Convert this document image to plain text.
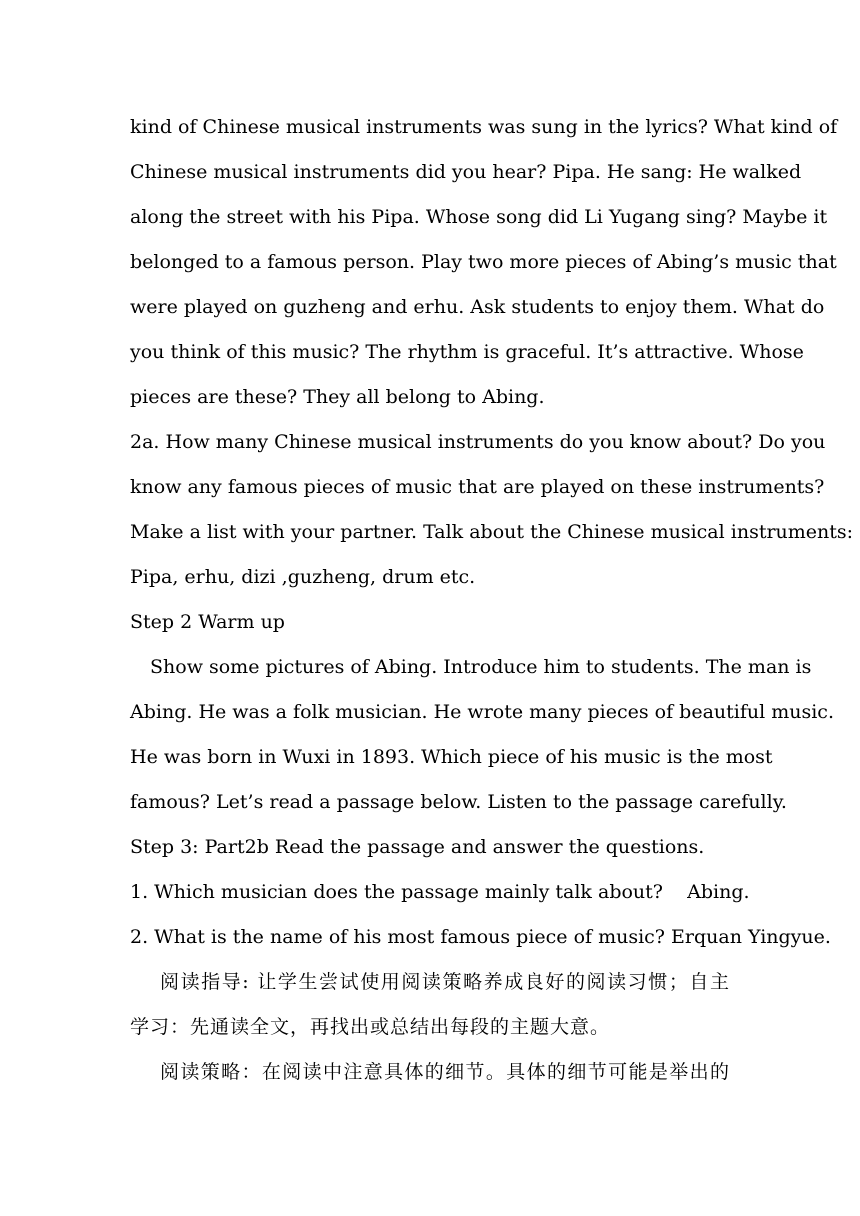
kind of Chinese musical instruments was sung in the lyrics? What kind of
Chinese musical instruments did you hear? Pipa. He sang: He walked
along the street with his Pipa. Whose song did Li Yugang sing? Maybe it
belonged to a famous person. Play two more pieces of Abing’s music that
were played on guzheng and erhu. Ask students to enjoy them. What do
you think of this music? The rhythm is graceful. It’s attractive. Whose
pieces are these? They all belong to Abing.
2a. How many Chinese musical instruments do you know about? Do you
know any famous pieces of music that are played on these instruments?
Make a list with your partner. Talk about the Chinese musical instruments:
Pipa, erhu, dizi ,guzheng, drum etc.
Step 2 Warm up
Show some pictures of Abing. Introduce him to students. The man is
Abing. He was a folk musician. He wrote many pieces of beautiful music.
He was born in Wuxi in 1893. Which piece of his music is the most
famous? Let’s read a passage below. Listen to the passage carefully.
Step 3: Part2b Read the passage and answer the questions.
1. Which musician does the passage mainly talk about?    Abing.
2. What is the name of his most famous piece of music? Erquan Yingyue.
阅读指导: 让学生尝试使用阅读策略养成良好的阅读习惯；自主
学习：先通读全文，再找出或总结出每段的主题大意。
阅读策略：在阅读中注意具体的细节。具体的细节可能是举出的
